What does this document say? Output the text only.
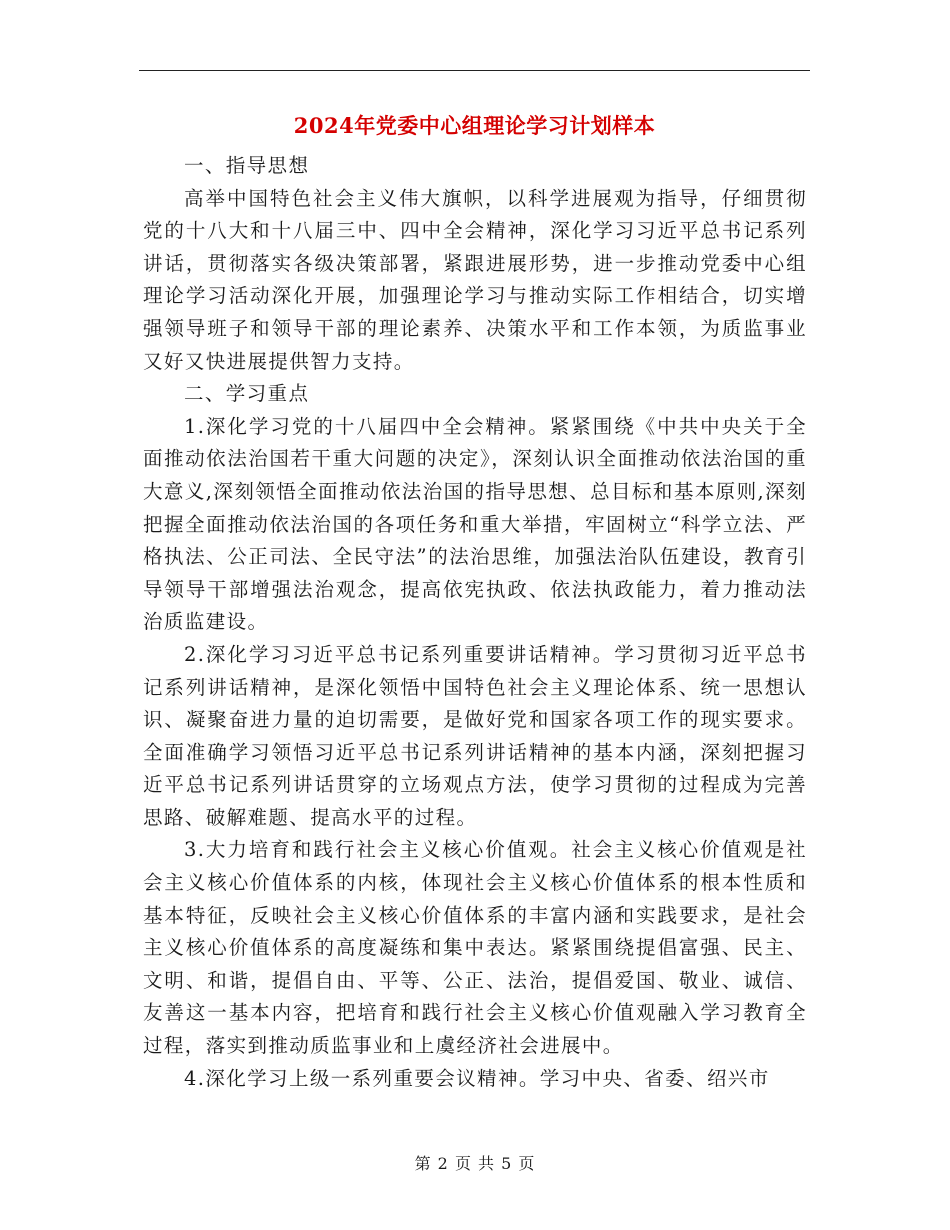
2024年党委中心组理论学习计划样本

一、指导思想

高举中国特色社会主义伟大旗帜，以科学进展观为指导，仔细贯彻党的十八大和十八届三中、四中全会精神，深化学习习近平总书记系列讲话，贯彻落实各级决策部署，紧跟进展形势，进一步推动党委中心组理论学习活动深化开展，加强理论学习与推动实际工作相结合，切实增强领导班子和领导干部的理论素养、决策水平和工作本领，为质监事业又好又快进展提供智力支持。

二、学习重点

1.深化学习党的十八届四中全会精神。紧紧围绕《中共中央关于全面推动依法治国若干重大问题的决定》，深刻认识全面推动依法治国的重大意义,深刻领悟全面推动依法治国的指导思想、总目标和基本原则,深刻把握全面推动依法治国的各项任务和重大举措，牢固树立“科学立法、严格执法、公正司法、全民守法”的法治思维，加强法治队伍建设，教育引导领导干部增强法治观念，提高依宪执政、依法执政能力，着力推动法治质监建设。

2.深化学习习近平总书记系列重要讲话精神。学习贯彻习近平总书记系列讲话精神，是深化领悟中国特色社会主义理论体系、统一思想认识、凝聚奋进力量的迫切需要，是做好党和国家各项工作的现实要求。全面准确学习领悟习近平总书记系列讲话精神的基本内涵，深刻把握习近平总书记系列讲话贯穿的立场观点方法，使学习贯彻的过程成为完善思路、破解难题、提高水平的过程。

3.大力培育和践行社会主义核心价值观。社会主义核心价值观是社会主义核心价值体系的内核，体现社会主义核心价值体系的根本性质和基本特征，反映社会主义核心价值体系的丰富内涵和实践要求，是社会主义核心价值体系的高度凝练和集中表达。紧紧围绕提倡富强、民主、文明、和谐，提倡自由、平等、公正、法治，提倡爱国、敬业、诚信、友善这一基本内容，把培育和践行社会主义核心价值观融入学习教育全过程，落实到推动质监事业和上虞经济社会进展中。

4.深化学习上级一系列重要会议精神。学习中央、省委、绍兴市

第 2 页 共 5 页
